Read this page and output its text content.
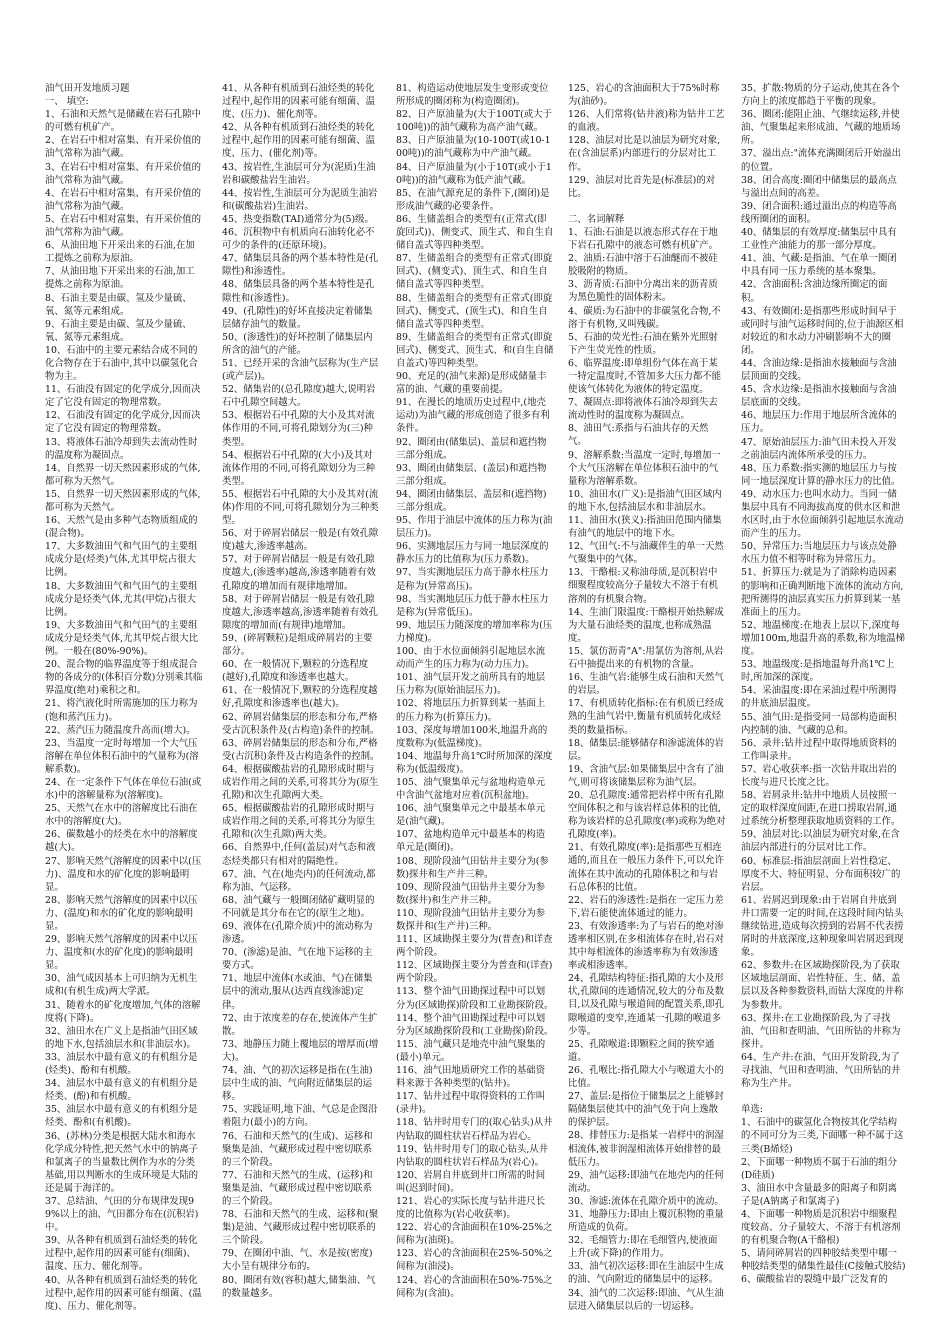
油气田开发地质习题

一、 填空:

1、石油和天然气是储藏在岩石孔隙中的可燃有机矿产。

2、在岩石中相对富集、有开采价值的油气常称为油气藏。

3、在岩石中相对富集、有开采价值的油气常称为油气藏。

4、在岩石中相对富集、有开采价值的油气常称为油气藏。

5、在岩石中相对富集、有开采价值的油气常称为油气藏。

6、从油田地下开采出来的石油,在加工提炼之前称为原油。

7、从油田地下开采出来的石油,加工提炼之前称为原油。

8、石油主要是由碳、氢及少量硫、氧、氮等元素组成。

9、石油主要是由碳、氢及少量硫、氧、氮等元素组成。

10、石油中的主要元素结合成不同的化合物存在于石油中,其中以碳氢化合物为主。

11、石油没有固定的化学成分,因而决定了它没有固定的物理常数。

12、石油没有固定的化学成分,因而决定了它没有固定的物理常数。

13、将液体石油冷却到失去流动性时的温度称为凝固点。

14、自然界一切天然因素形成的气体,都可称为天然气。

15、自然界一切天然因素形成的气体,都可称为天然气。

16、天然气是由多种气态物质组成的(混合物)。

17、大多数油田气和气田气的主要组成成分是(烃类)气体,尤其甲烷占很大比例。

18、大多数油田气和气田气的主要组成成分是烃类气体,尤其(甲烷)占很大比例。

19、大多数油田气和气田气的主要组成成分是烃类气体,尤其甲烷占很大比例。一般在(80%-90%)。

20、混合物的临界温度等于组成混合物的各成分的(体积百分数)分别乘其临界温度(绝对)乘积之和。

21、将汽液化时所需施加的压力称为(饱和蒸汽压力)。

22、蒸汽压力随温度升高而(增大)。

23、当温度一定时每增加一个大气压溶解在单位体积石油中的气量称为(溶解系数)。

24、在一定条件下气体在单位石油(或水)中的溶解量称为(溶解度)。

25、天然气在水中的溶解度比石油在水中的溶解度(大)。

26、碳数越小的烃类在水中的溶解度越(大)。

27、影响天然气溶解度的因素中以(压力)、温度和水的矿化度的影响最明显。

28、影响天然气溶解度的因素中以压力、(温度)和水的矿化度的影响最明显。

29、影响天然气溶解度的因素中以压力、温度和(水的矿化度)的影响最明显。

30、油气成因基本上可归纳为无机生成和(有机生成)两大学派。

31、随着水的矿化度增加,气体的溶解度将(下降)。

32、油田水在广义上是指油气田区域的地下水,包括油层水和(非油层水)。

33、油层水中最有意义的有机组分是(烃类)、酚和有机酸。

34、油层水中最有意义的有机组分是烃类、(酚)和有机酸。

35、油层水中最有意义的有机组分是烃类、酚和(有机酸)。

36、(苏林)分类是根据大陆水和海水化学成分特性,把天然气水中的钠离子和氯离子的当量数比例作为水的分类基础,用以判断水的生成环境是大陆的还是属于海洋的。

37、总结油、气田的分布规律发现99%以上的油、气田都分布在(沉积岩)中。

39、从各种有机质到石油烃类的转化过程中,起作用的因素可能有(细菌)、温度、压力、催化剂等。

40、从各种有机质到石油烃类的转化过程中,起作用的因素可能有细菌、(温度)、压力、催化剂等。

41、从各种有机质到石油烃类的转化过程中,起作用的因素可能有细菌、温度、(压力)、催化剂等。

42、从各种有机质到石油烃类的转化过程中,起作用的因素可能有细菌、温度、压力、(催化剂)等。

43、按岩性,生油层可分为(泥质)生油岩和碳酸盐岩生油岩。

44、按岩性,生油层可分为泥质生油岩和(碳酸盐岩)生油岩。

45、热变指数(TAI)通常分为(5)级。

46、沉积物中有机质向石油转化必不可少的条件的(还原环境)。

47、储集层具备的两个基本特性是(孔隙性)和渗透性。

48、储集层具备的两个基本特性是孔隙性和(渗透性)。

49、(孔隙性)的好坏直接决定着储集层储存油气的数量。

50、(渗透性)的好坏控制了储集层内所含的油气的产能。

51、已经开采的含油气层称为(生产层(或产层))。

52、储集岩的(总孔隙度)越大,说明岩石中孔隙空间越大。

53、根据岩石中孔隙的大小及其对流体作用的不同,可将孔隙划分为(三)种类型。

54、根据岩石中孔隙的(大小)及其对流体作用的不同,可将孔隙划分为三种类型。

55、根据岩石中孔隙的大小及其对(流体)作用的不同,可将孔隙划分为三种类型。

56、对于碎屑岩储层一般是(有效孔隙度)越大,渗透率越高。

57、对于碎屑岩储层一般是有效孔隙度越大,(渗透率)越高,渗透率随着有效孔隙度的增加而有规律地增加。

58、对于碎屑岩储层一般是有效孔隙度越大,渗透率越高,渗透率随着有效孔隙度的增加而(有规律)地增加。

59、(碎屑颗粒)是组成碎屑岩的主要部分。

60、在一般情况下,颗粒的分选程度(越好),孔隙度和渗透率也越大。

61、在一般情况下,颗粒的分选程度越好,孔隙度和渗透率也(越大)。

62、碎屑岩储集层的形态和分布,严格受古沉积条件及(古构造)条件的控制。

63、碎屑岩储集层的形态和分布,严格受(古沉积)条件及古构造条件的控制。

64、根据碳酸盐岩的孔隙形成时期与成岩作用之间的关系,可将其分为(原生孔隙)和次生孔隙两大类。

65、根据碳酸盐岩的孔隙形成时期与成岩作用之间的关系,可将其分为原生孔隙和(次生孔隙)两大类。

66、自然界中,任何(盖层)对气态和液态烃类都只有相对的隔绝性。

67、油、气在(地壳内)的任何流动,都称为油、气运移。

68、油气藏与一般圈闭储矿藏明显的不同就是其分布在它的(原生之地)。

69、液体在(孔隙介质)中的流动称为渗透。

70、(渗滤)是油、气在地下运移的主要方式。

71、地层中流体(水或油、气)在储集层中的流动,服从(达西直线渗滤)定律。

72、由于浓度差的存在,使流体产生扩散。

73、地静压力随上覆地层的增厚而(增大)。

74、油、气的初次运移是指在(生油)层中生成的油、气向附近储集层的运移。

75、实践证明,地下油、气总是企图沿着阻力(最小)的方向。

76、石油和天然气的(生成)、运移和聚集是油、气藏形成过程中密切联系的三个阶段。

77、石油和天然气的生成、(运移)和聚集是油、气藏形成过程中密切联系的三个阶段。

78、石油和天然气的生成、运移和(聚集)是油、气藏形成过程中密切联系的三个阶段。

79、在圈闭中油、气、水是按(密度)大小呈有规律分布的。

80、圈闭有效(容积)越大,储集油、气的数量越多。

81、构造运动使地层发生变形或变位所形成的圈闭称为(构造圈闭)。

82、日产原油量为(大于100T(或大于100吨))的油气藏称为高产油气藏。

83、日产原油量为(10-100T(或10-100吨))的油气藏称为中产油气藏。

84、日产原油量为(小于10T(或小于10吨))的油气藏称为低产油气藏。

85、在油气源充足的条件下,(圈闭)是形成油气藏的必要条件。

86、生储盖组合的类型有(正常式(即旋回式))、侧变式、顶生式、和自生自储自盖式等四种类型。

87、生储盖组合的类型有正常式(即旋回式)、(侧变式)、顶生式、和自生自储自盖式等四种类型。

88、生储盖组合的类型有正常式(即旋回式)、侧变式、(顶生式)、和自生自储自盖式等四种类型。

89、生储盖组合的类型有正常式(即旋回式)、侧变式、顶生式、和(自生自储自盖式)等四种类型。

90、充足的(油气来源)是形成储量丰富的油、气藏的重要前提。

91、在漫长的地质历史过程中,(地壳运动)为油气藏的形成创造了很多有利条件。

92、圈闭由(储集层)、盖层和遮挡物三部分组成。

93、圈闭由储集层、(盖层)和遮挡物三部分组成。

94、圈闭由储集层、盖层和(遮挡物)三部分组成。

95、作用于油层中流体的压力称为(油层压力)。

96、实测地层压力与同一地层深度的静水压力的比值称为(压力系数)。

97、当实测地层压力高于静水柱压力是称为(异常高压)。

98、当实测地层压力低于静水柱压力是称为(异常低压)。

99、地层压力随深度的增加率称为(压力梯度)。

100、由于水位面倾斜引起地层水流动而产生的压力称为(动力压力)。

101、油气层开发之前所具有的地层压力称为(原始油层压力)。

102、将地层压力折算到某一基面上的压力称为(折算压力)。

103、深度每增加100米,地温升高的度数称为(低温梯度)。

104、地温每升高1℃时所加深的深度称为(低温级度)。

105、油气聚集单元与盆地构造单元中含油气盆地对应着(沉积盆地)。

106、油气聚集单元之中最基本单元是(油气藏)。

107、盆地构造单元中最基本的构造单元是(圈闭)。

108、现阶段油气田钻井主要分为(参数)探井和生产井三种。

109、现阶段油气田钻井主要分为参数(探井)和生产井三种。

110、现阶段油气田钻井主要分为参数探井和(生产井)三种。

111、区域勘探主要分为(普查)和详查两个阶段。

112、区域勘探主要分为普查和(详查)两个阶段。

113、整个油气田勘探过程中可以划分为(区域勘探)阶段和工业勘探阶段。

114、整个油气田勘探过程中可以划分为区域勘探阶段和(工业勘探)阶段。

115、油气藏只是地壳中油气聚集的(最小)单元。

116、油气田地质研究工作的基础资料来源于各种类型的(钻井)。

117、钻井过程中取得资料的工作叫(录井)。

118、钻井时用专门的(取心钻头)从井内钻取的圆柱状岩石样品为岩心。

119、钻井时用专门的取心钻头,从井内钻取的圆柱状岩石样品为(岩心)。

120、岩屑自井底到井口所需的时间叫(迟到时间)。

121、岩心的实际长度与钻井进尺长度的比值称为(岩心收获率)。

122、岩心的含油面积在10%-25%之间称为(油斑)。

123、岩心的含油面积在25%-50%之间称为(油浸)。

124、岩心的含油面积在50%-75%之间称为(含油)。

125、岩心的含油面积大于75%时称为(油砂)。

126、人们常将(钻井液)称为钻井工艺的血液。

128、油层对比是以油层为研究对象,在(含油层系)内部进行的分层对比工作。

129、油层对比首先是(标准层)的对比。

二、名词解释

1、石油:石油是以液态形式存在于地下岩石孔隙中的液态可燃有机矿产。

2、油质:石油中溶于石油醚而不被硅胶吸附的物质。

3、沥青质:石油中分离出来的沥青质为黑色脆性的固体粉末。

4、碳质:为石油中的非碳氢化合物,不溶于有机物,又叫残碳。

5、石油的荧光性:石油在紫外光照射下产生荧光性的性质。

6、临界温度:即单组份气体在高于某一特定温度时,不管加多大压力都不能使该气体转化为液体的特定温度。

7、凝固点:即将液体石油冷却到失去流动性时的温度称为凝固点。

8、油田气:系指与石油共存的天然气。

9、溶解系数:当温度一定时,每增加一个大气压溶解在单位体积石油中的气量称为溶解系数。

10、油田水(广义):是指油气田区域内的地下水,包括油层水和非油层水。

11、油田水(狭义):指油田范围内储集有油气的地层中的地下水。

12、气田气:不与油藏伴生的单一天然气聚集中的气体。

13、干酪根:又称油母质,是沉积岩中细聚程度较高分子量较大不溶于有机溶剂的有机聚合物。

14、生油门限温度:干酪根开始热解成为大量石油烃类的温度,也称成熟温度。

15、氯仿沥青"A":用氯仿为溶剂,从岩石中抽提出来的有机物的含量。

16、生油气岩:能够生成石油和天然气的岩层。

17、有机质转化指标:在有机质已经成熟的生油气岩中,衡量有机质转化成烃类的数量指标。

18、储集层:能够储存和渗滤流体的岩层。

19、含油气层:如果储集层中含有了油气,则可将该储集层称为油气层。

20、总孔隙度:通常把岩样中所有孔隙空间体积之和与该岩样总体积的比值,称为该岩样的总孔隙度(率)或称为绝对孔隙度(率)。

21、有效孔隙度(率):是指那些互相连通的,而且在一般压力条件下,可以允许流体在其中流动的孔隙体积之和与岩石总体积的比值。

22、岩石的渗透性:是指在一定压力差下,岩石能使流体通过的能力。

23、有效渗透率:为了与岩石的绝对渗透率相区别,在多相流体存在时,岩石对其中每相流体的渗透率称为有效渗透率或相渗透率。

24、孔隙结构特征:指孔隙的大小及形状,孔隙间的连通情况,较大的分布及数目,以及孔隙与喉道间的配置关系,即孔隙喉道的变窄,连通某一孔隙的喉道多少等。

25、孔隙喉道:即颗粒之间的狭窄通道。

26、孔喉比:指孔隙大小与喉道大小的比值。

27、盖层:是指位于储集层之上能够封隔储集层使其中的油气免于向上逸散的保护层。

28、排替压力:是指某一岩样中的润湿相流体,被非润湿相流体开始排替的最低压力。

29、油气运移:即油气在地壳内的任何流动。

30、渗滤:流体在孔隙介质中的流动。

31、地静压力:即由上覆沉积物的重量所造成的负荷。

32、毛细管力:即在毛细管内,使液面上升(或下降)的作用力。

33、油气初次运移:即在生油层中生成的油、气向附近的储集层中的运移。

34、油气的二次运移:即油、气从生油层进入储集层以后的一切运移。

35、扩散:物质的分子运动,使其在各个方向上的浓度都趋于平衡的现象。

36、圈闭:能阻止油、气继续运移,并使油、气聚集起来形成油、气藏的地质场所。

37、溢出点:"流体充满圈闭后开始溢出的位置。

38、闭合高度:圈闭中储集层的最高点与溢出点间的高差。

39、闭合面积:通过溢出点的构造等高线所圈闭的面积。

40、储集层的有效厚度:储集层中具有工业性产油能力的那一部分厚度。

41、油、气藏:是指油、气在单一圈闭中具有同一压力系统的基本聚集。

42、含油面积:含油边缘所圈定的面积。

43、有效圈闭:是指那些形成时间早于或同时与油气运移时间的,位于油源区相对较近的和水动力冲刷影响不大的圈闭。

44、含油边缘:是指油水接触面与含油层顶面的交线。

45、含水边缘:是指油水接触面与含油层底面的交线。

46、地层压力:作用于地层所含流体的压力。

47、原始油层压力:油气田未投入开发之前油层内流体所承受的压力。

48、压力系数:指实测的地层压力与按同一地层深度计算的静水压力的比值。

49、动水压力:也叫水动力。当同一储集层中具有不同海拔高度的供水区和泄水区时,由于水位面倾斜引起地层水流动而产生的压力。

50、异常压力:当地层压力与该点处静水压力值不相等时称为异常压力。

51、折算压力:就是为了消除构造因素的影响和正确判断地下流体的流动方向,把所测得的油层真实压力折算到某一基准面上的压力。

52、地温梯度:在地表上层以下,深度每增加100m,地温升高的系数,称为地温梯度。

53、地温级度:是指地温每升高1℃上时,所加深的深度。

54、采油温度:即在采油过程中所测得的井底油层温度。

55、油气田:是指受同一局部构造面积内控制的油、气藏的总和。

56、录井:钻井过程中取得地质资料的工作叫录井。

57、岩心收获率:指一次钻井取出岩的长度与进尺长度之比。

58、岩屑录井:钻井中地质人员按照一定的取样深度间距,在进口捞取岩屑,通过系统分析整理获取地质资料的工作。

59、油层对比:以油层为研究对象,在含油层内部进行的分层对比工作。

60、标准层:指油层剖面上岩性稳定、厚度不大、特征明显、分布面积较广的岩层。

61、岩屑迟到现象:由于岩屑自井底到井口需要一定的时间,在这段时间内钻头继续钻进,造成每次捞到的岩屑不代表捞屑时的井底深度,这种现象叫岩屑迟到现象。

62、参数井:在区域勘探阶段,为了获取区域地层剖面、岩性特征、生、储、盖层以及各种参数资料,而钻大深度的井称为参数井。

63、探井:在工业勘探阶段,为了寻找油、气田和查明油、气田所钻的井称为探井。

64、生产井:在油、气田开发阶段,为了寻找油、气田和查明油、气田所钻的井称为生产井。

单选:

1、石油中的碳氢化合物按其化学结构的不同可分为三类,下面哪一种不属于这三类(B烯烃)

2、下面哪一种物质不属于石油的组分(D硅质)

3、油田水中含量最多的阳离子和阴离子是(A钠离子和氯离子)

4、下面哪一种物质是沉积岩中细聚程度较高、分子量较大、不溶于有机溶剂的有机聚合物(A干酪根)

5、请问碎屑岩的四种胶结类型中哪一种胶结类型的储集性最佳(C接触式胶结)

6、碳酸盐岩的裂缝中最广泛发育的
